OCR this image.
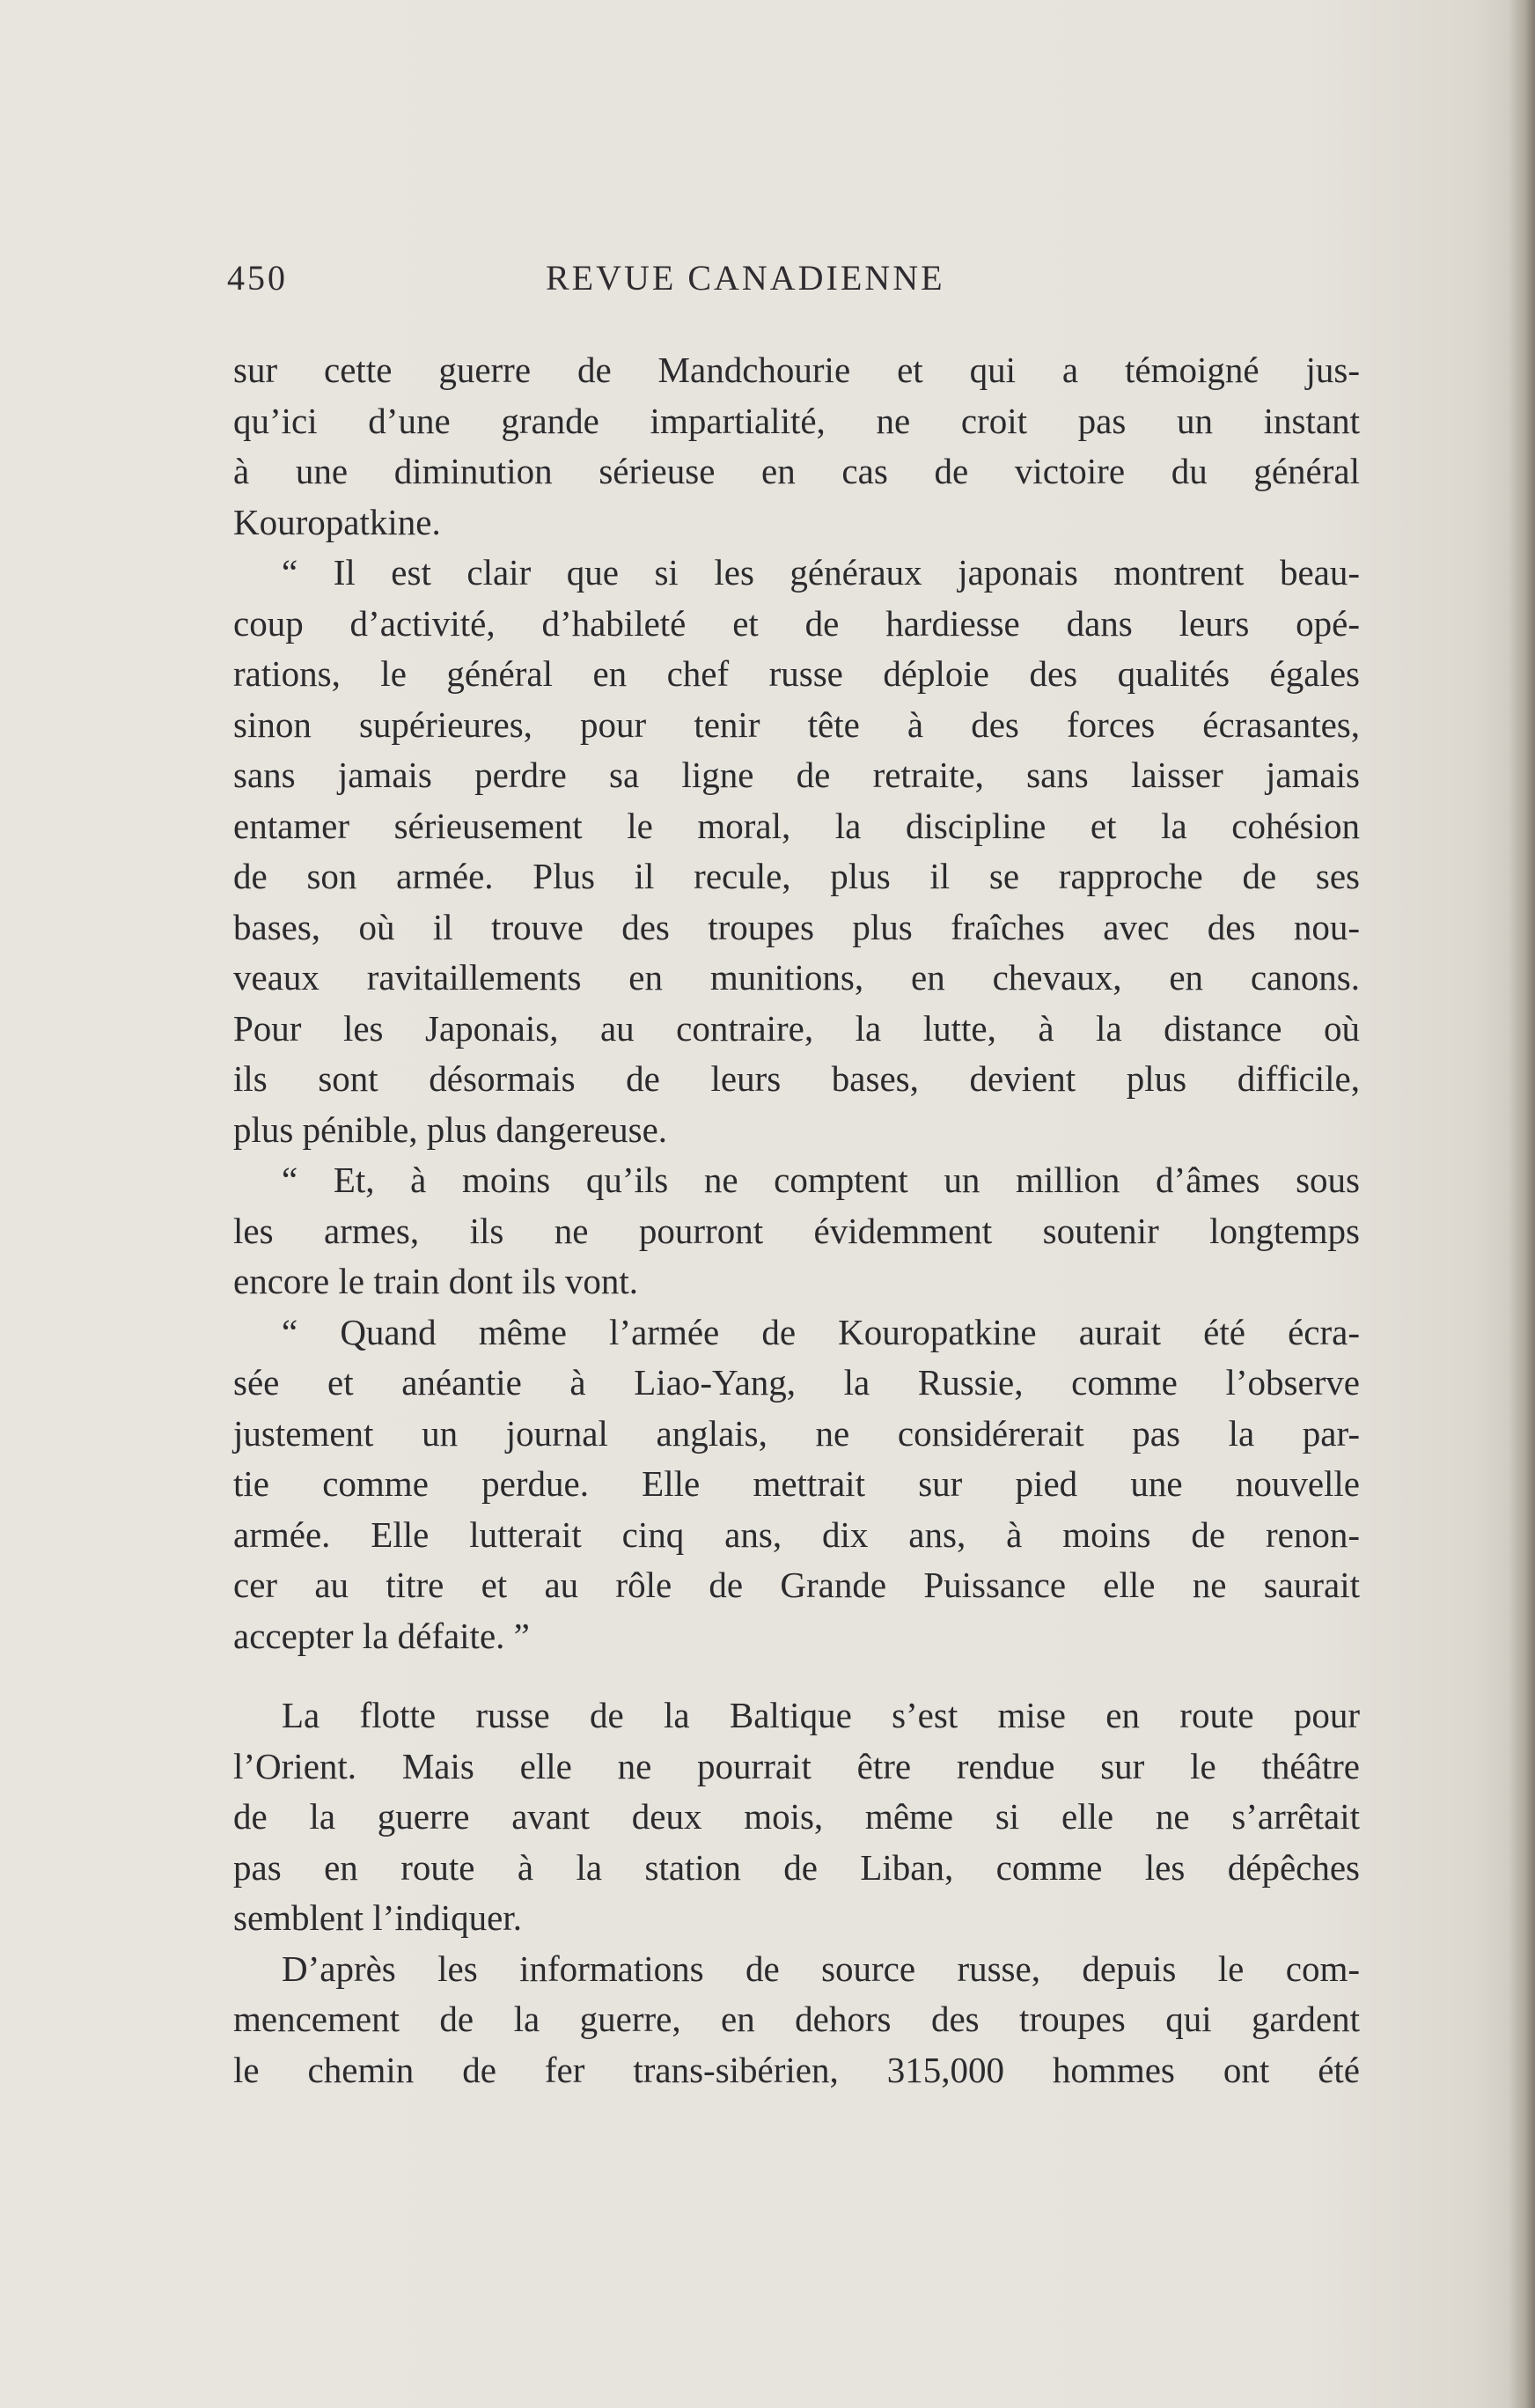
450	REVUE CANADIENNE
sur cette guerre de Mandchourie et qui a témoigné jus-
qu’ici d’une grande impartialité, ne croit pas un instant
à une diminution sérieuse en cas de victoire du général
Kouropatkine.
“ Il est clair que si les généraux japonais montrent beau-
coup d’activité, d’habileté et de hardiesse dans leurs opé-
rations, le général en chef russe déploie des qualités égales
sinon supérieures, pour tenir tête à des forces écrasantes,
sans jamais perdre sa ligne de retraite, sans laisser jamais
entamer sérieusement le moral, la discipline et la cohésion
de son armée. Plus il recule, plus il se rapproche de ses
bases, où il trouve des troupes plus fraîches avec des nou-
veaux ravitaillements en munitions, en chevaux, en canons.
Pour les Japonais, au contraire, la lutte, à la distance où
ils sont désormais de leurs bases, devient plus difficile,
plus pénible, plus dangereuse.
“ Et, à moins qu’ils ne comptent un million d’âmes sous
les armes, ils ne pourront évidemment soutenir longtemps
encore le train dont ils vont.
“ Quand même l’armée de Kouropatkine aurait été écra-
sée et anéantie à Liao-Yang, la Russie, comme l’observe
justement un journal anglais, ne considérerait pas la par-
tie comme perdue. Elle mettrait sur pied une nouvelle
armée. Elle lutterait cinq ans, dix ans, à moins de renon-
cer au titre et au rôle de Grande Puissance elle ne saurait
accepter la défaite. ”
La flotte russe de la Baltique s’est mise en route pour
l’Orient. Mais elle ne pourrait être rendue sur le théâtre
de la guerre avant deux mois, même si elle ne s’arrêtait
pas en route à la station de Liban, comme les dépêches
semblent l’indiquer.
D’après les informations de source russe, depuis le com-
mencement de la guerre, en dehors des troupes qui gardent
le chemin de fer trans-sibérien, 315,000 hommes ont été
